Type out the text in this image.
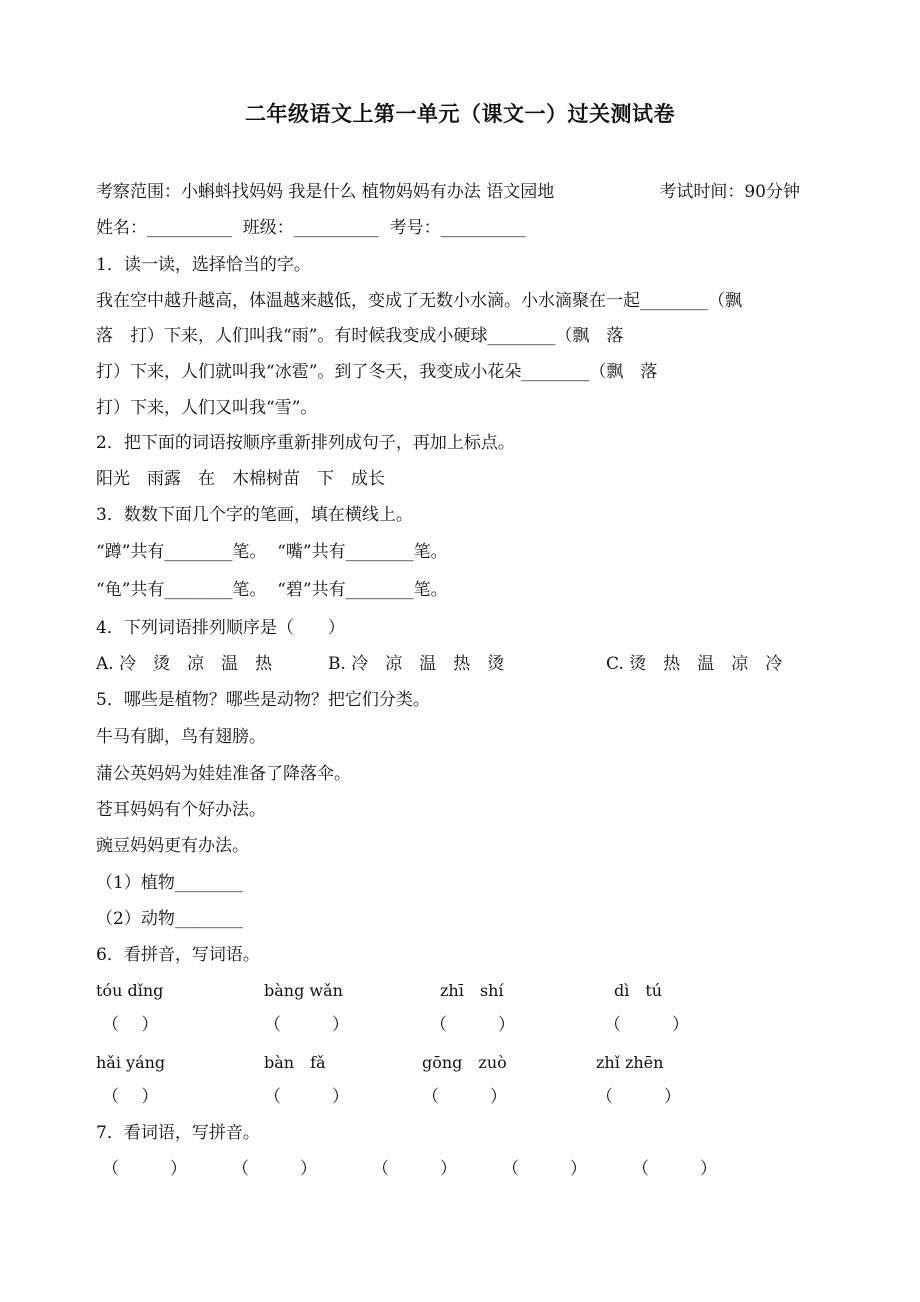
二年级语文上第一单元（课文一）过关测试卷
考察范围：小蝌蚪找妈妈 我是什么 植物妈妈有办法 语文园地	考试时间：90分钟
姓名：__________  班级：__________  考号：__________
1．读一读，选择恰当的字。
我在空中越升越高，体温越来越低，变成了无数小水滴。小水滴聚在一起________（飘
落　打）下来，人们叫我“雨”。有时候我变成小硬球________（飘　落
打）下来，人们就叫我“冰雹”。到了冬天，我变成小花朵________（飘　落
打）下来，人们又叫我“雪”。
2．把下面的词语按顺序重新排列成句子，再加上标点。
阳光　雨露　在　木棉树苗　下　成长
3．数数下面几个字的笔画，填在横线上。
“蹲”共有________笔。  “嘴”共有________笔。
“龟”共有________笔。  “碧”共有________笔。
4．下列词语排列顺序是（　　）
A. 冷　烫　凉　温　热	B. 冷　凉　温　热　烫	C. 烫　热　温　凉　冷
5．哪些是植物？哪些是动物？把它们分类。
牛马有脚，鸟有翅膀。
蒲公英妈妈为娃娃准备了降落伞。
苍耳妈妈有个好办法。
豌豆妈妈更有办法。
（1）植物________
（2）动物________
6．看拼音，写词语。
tóu dǐng	bàng wǎn	zhī　shí	dì　tú
（　 ）	（　　　）	（　　　）	（　　　）
hǎi yáng	bàn　fǎ	gōng　zuò	zhǐ zhēn
（　 ）	（　　　）	（　　　）	（　　　）
7．看词语，写拼音。
（　　　）	（　　　）	（　　　）	（　　　）	（　　　）
